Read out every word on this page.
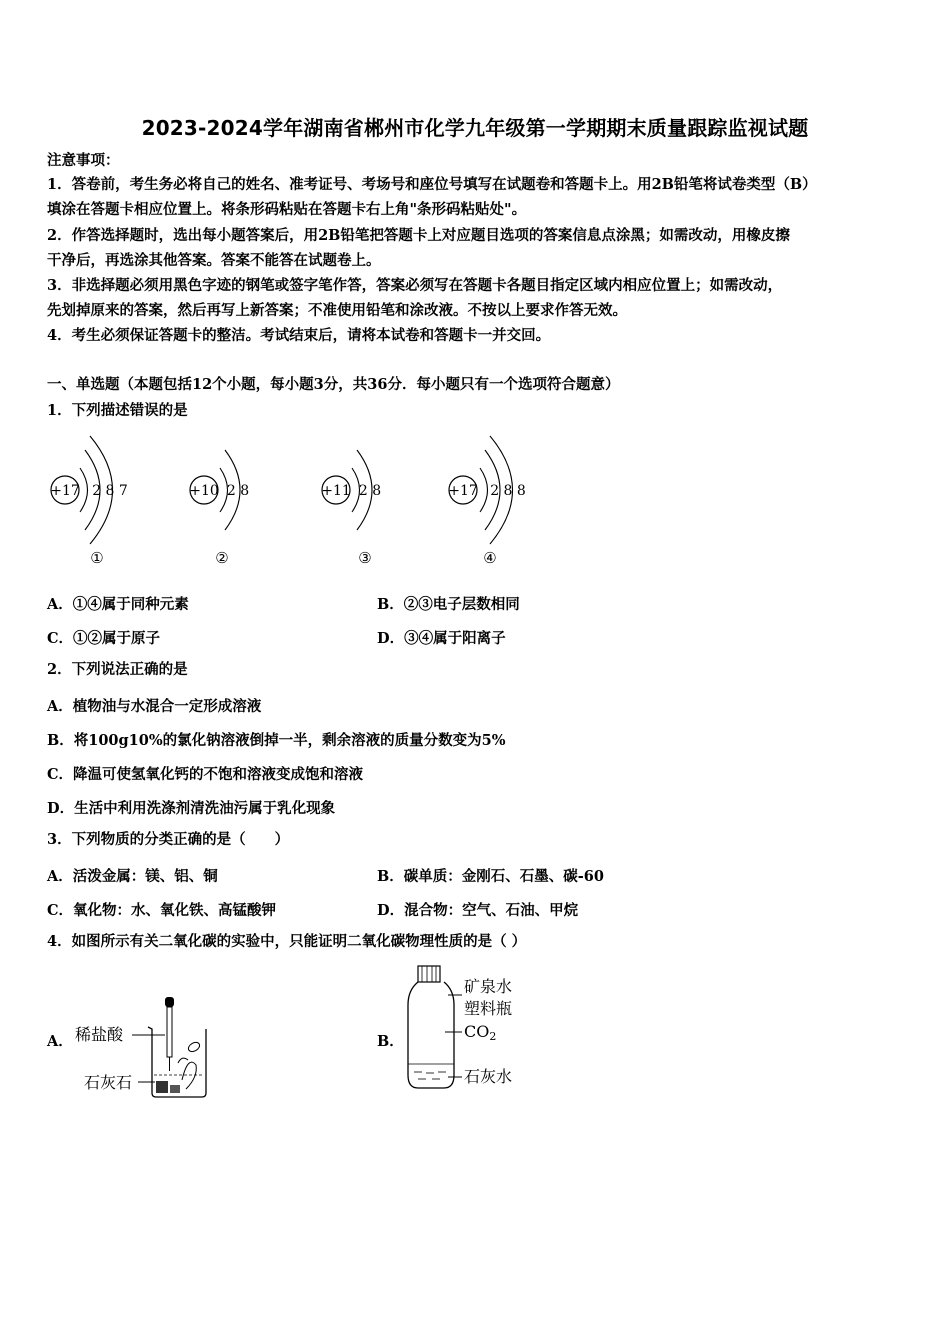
2023-2024学年湖南省郴州市化学九年级第一学期期末质量跟踪监视试题
注意事项：
1．答卷前，考生务必将自己的姓名、准考证号、考场号和座位号填写在试题卷和答题卡上。用2B铅笔将试卷类型（B）
填涂在答题卡相应位置上。将条形码粘贴在答题卡右上角"条形码粘贴处"。
2．作答选择题时，选出每小题答案后，用2B铅笔把答题卡上对应题目选项的答案信息点涂黑；如需改动，用橡皮擦
干净后，再选涂其他答案。答案不能答在试题卷上。
3．非选择题必须用黑色字迹的钢笔或签字笔作答，答案必须写在答题卡各题目指定区域内相应位置上；如需改动，
先划掉原来的答案，然后再写上新答案；不准使用铅笔和涂改液。不按以上要求作答无效。
4．考生必须保证答题卡的整洁。考试结束后，请将本试卷和答题卡一并交回。
一、单选题（本题包括12个小题，每小题3分，共36分．每小题只有一个选项符合题意）
1．下列描述错误的是
+17 2 8 7
①
+10 2 8
②
+11 2 8
③
+17 2 8 8
④
A．①④属于同种元素	B．②③电子层数相同
C．①②属于原子	D．③④属于阳离子
2．下列说法正确的是
A．植物油与水混合一定形成溶液
B．将100g10%的氯化钠溶液倒掉一半，剩余溶液的质量分数变为5%
C．降温可使氢氧化钙的不饱和溶液变成饱和溶液
D．生活中利用洗涤剂清洗油污属于乳化现象
3．下列物质的分类正确的是（　　）
A．活泼金属：镁、铝、铜	B．碳单质：金刚石、石墨、碳-60
C．氧化物：水、氧化铁、高锰酸钾	D．混合物：空气、石油、甲烷
4．如图所示有关二氧化碳的实验中，只能证明二氧化碳物理性质的是（ ）
A．	B．
稀盐酸
石灰石
矿泉水
塑料瓶
CO2
石灰水
